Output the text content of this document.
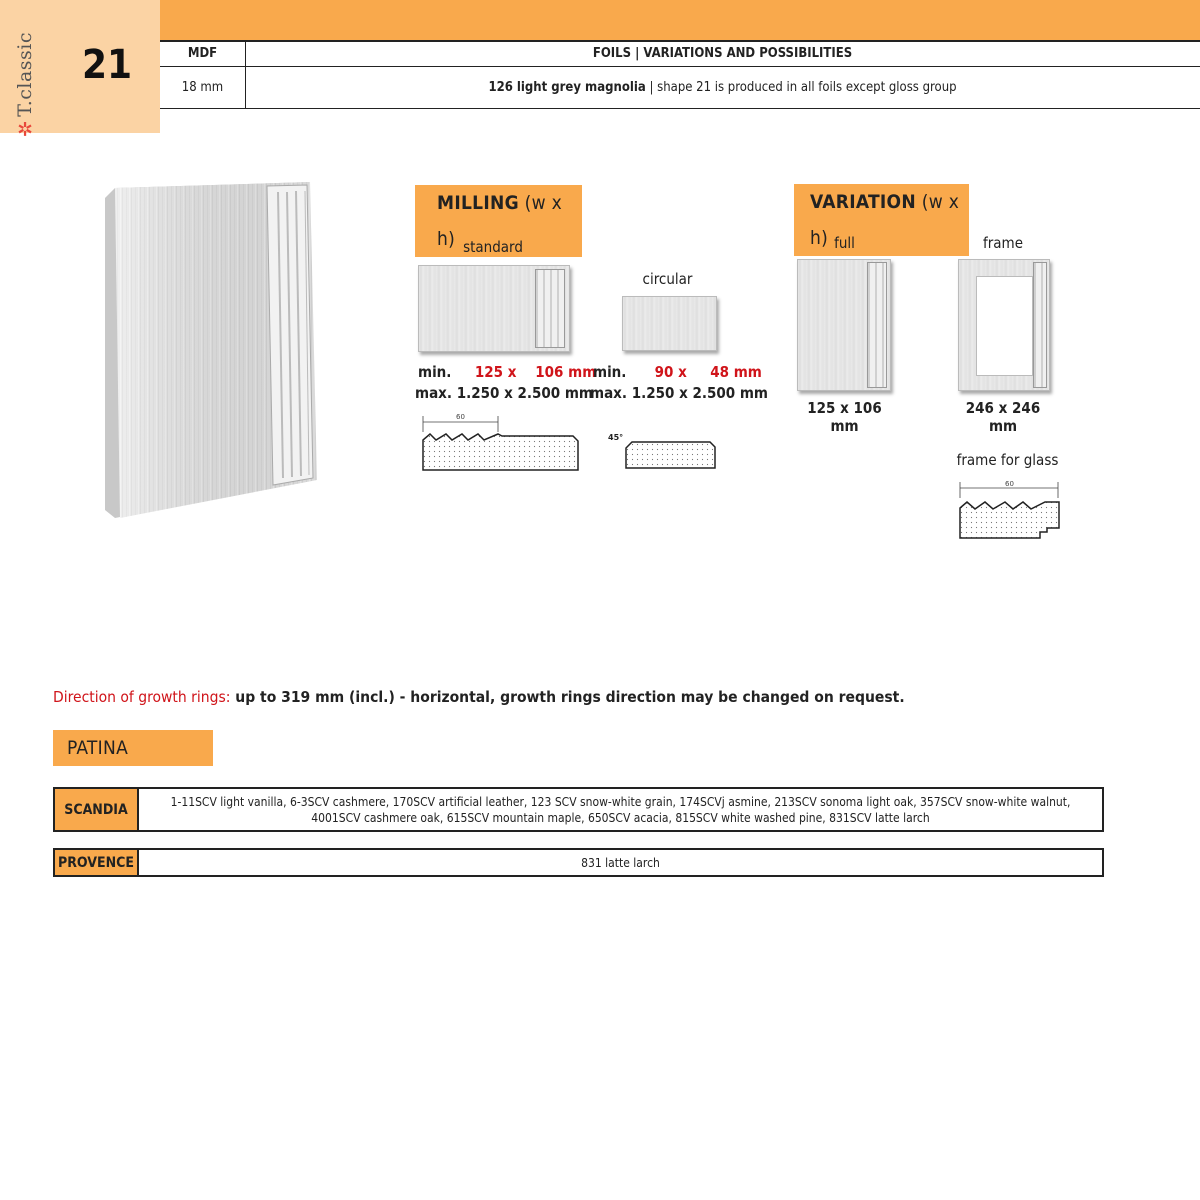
✲T.classic	21	MDF	FOILS | VARIATIONS AND POSSIBILITIES
18 mm	126 light grey magnolia | shape 21 is produced in all foils except gloss group
MILLING (w x h) standard
min. 125 x 106 mm
max. 1.250 x 2.500 mm
60
circular
min. 90 x 48 mm
max. 1.250 x 2.500 mm
45°
VARIATION (w x h) full
125 x 106 mm
frame
246 x 246 mm
frame for glass
60
Direction of growth rings: up to 319 mm (incl.) - horizontal, growth rings direction may be changed on request.
PATINA
SCANDIA	1-11SCV light vanilla, 6-3SCV cashmere, 170SCV artificial leather, 123 SCV snow-white grain, 174SCVj asmine, 213SCV sonoma light oak, 357SCV snow-white walnut, 4001SCV cashmere oak, 615SCV mountain maple, 650SCV acacia, 815SCV white washed pine, 831SCV latte larch
PROVENCE	831 latte larch
